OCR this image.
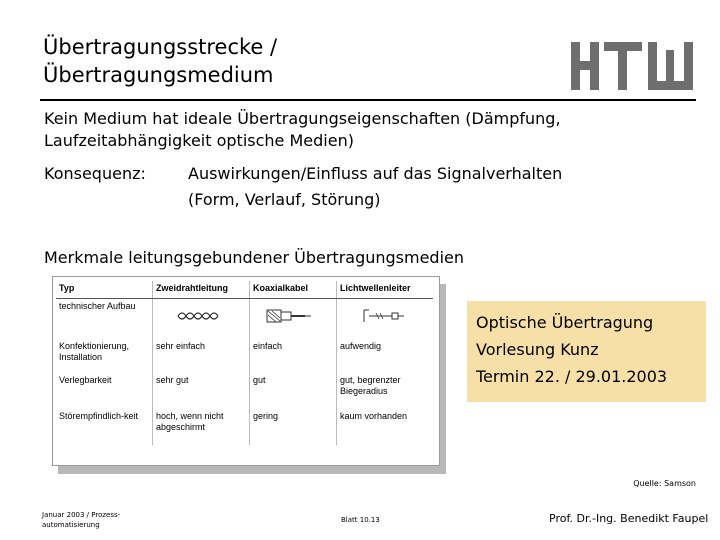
Übertragungsstrecke /
Übertragungsmedium
Kein Medium hat ideale Übertragungseigenschaften (Dämpfung,
Laufzeitabhängigkeit optische Medien)
Konsequenz:	Auswirkungen/Einfluss auf das Signalverhalten
(Form, Verlauf, Störung)
Merkmale leitungsgebundener Übertragungsmedien
Typ	Zweidrahtleitung	Koaxialkabel	Lichtwellenleiter
technischer Aufbau			
Konfektionierung, Installation	sehr einfach	einfach	aufwendig
Verlegbarkeit	sehr gut	gut	gut, begrenzter Biegeradius
Störempfindlich-keit	hoch, wenn nicht abgeschirmt	gering	kaum vorhanden
Optische Übertragung
Vorlesung Kunz
Termin 22. / 29.01.2003
Quelle: Samson
Januar 2003 / Prozess-automatisierung
Blatt 10.13	Prof. Dr.-Ing. Benedikt Faupel
